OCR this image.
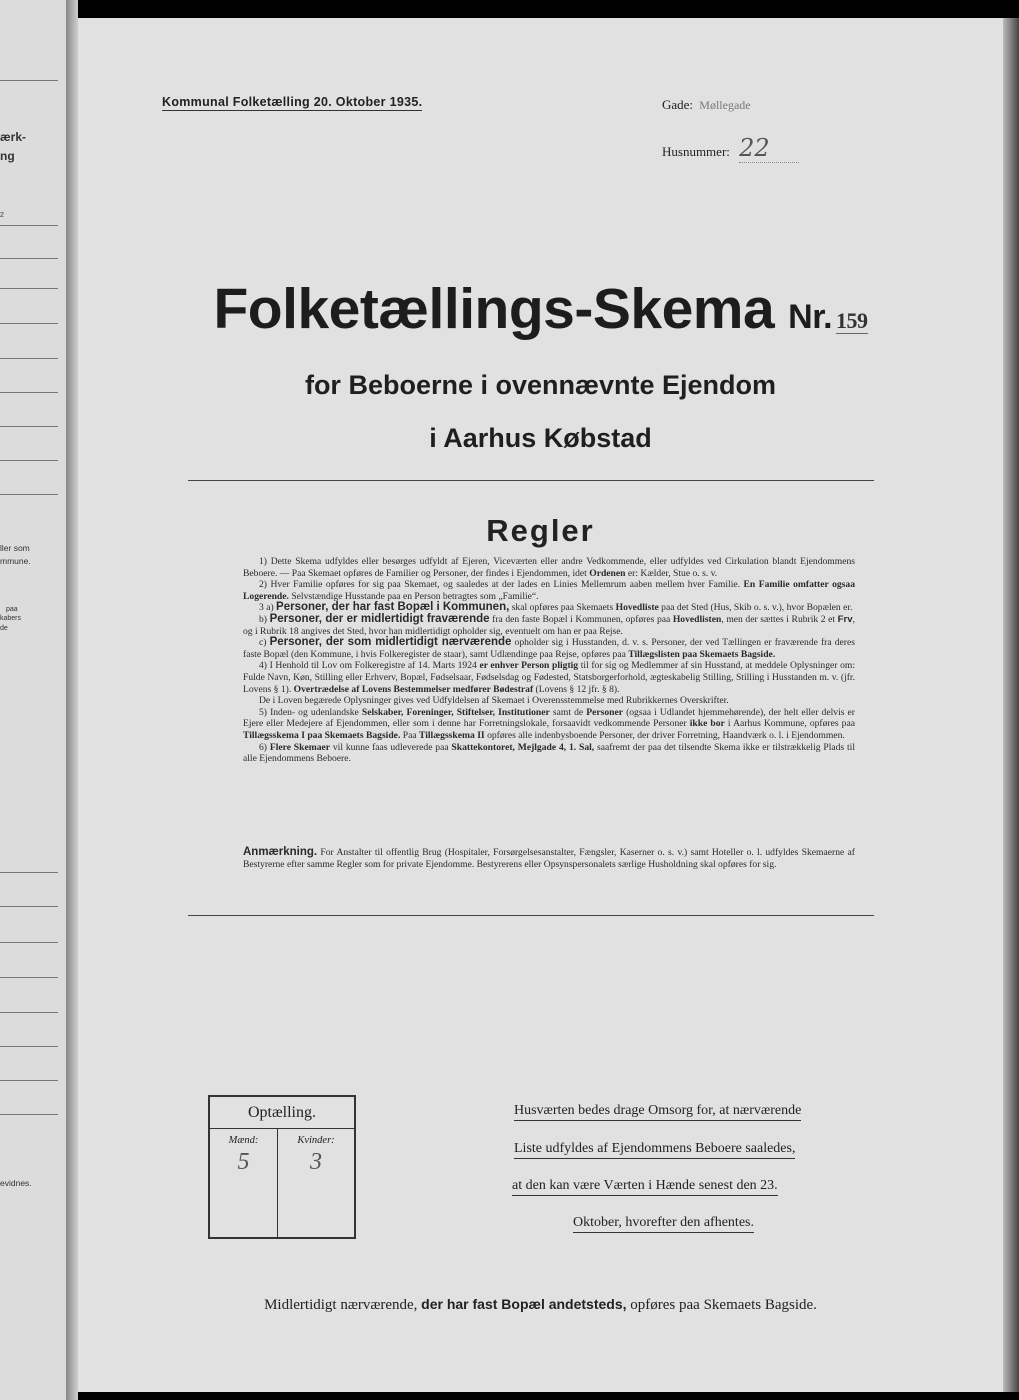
ærk-
ng
2
ller som
mmune.
paa
kabers
de
evidnes.
Kommunal Folketælling 20. Oktober 1935.	Gade: Møllegade
Husnummer: 22
Folketællings-Skema Nr. 159
for Beboerne i ovennævnte Ejendom
i Aarhus Købstad
Regler

1) Dette Skema udfyldes eller besørges udfyldt af Ejeren, Viceværten eller andre Vedkommende, eller udfyldes ved Cirkulation blandt Ejendommens Beboere. — Paa Skemaet opføres de Familier og Personer, der findes i Ejendommen, idet Ordenen er: Kælder, Stue o. s. v.

2) Hver Familie opføres for sig paa Skemaet, og saaledes at der lades en Linies Mellemrum aaben mellem hver Familie. En Familie omfatter ogsaa Logerende. Selvstændige Husstande paa en Person betragtes som „Familie“.

3 a) Personer, der har fast Bopæl i Kommunen, skal opføres paa Skemaets Hovedliste paa det Sted (Hus, Skib o. s. v.), hvor Bopælen er.

b) Personer, der er midlertidigt fraværende fra den faste Bopæl i Kommunen, opføres paa Hovedlisten, men der sættes i Rubrik 2 et Frv, og i Rubrik 18 angives det Sted, hvor han midlertidigt opholder sig, eventuelt om han er paa Rejse.

c) Personer, der som midlertidigt nærværende opholder sig i Husstanden, d. v. s. Personer, der ved Tællingen er fraværende fra deres faste Bopæl (den Kommune, i hvis Folkeregister de staar), samt Udlændinge paa Rejse, opføres paa Tillægslisten paa Skemaets Bagside.

4) I Henhold til Lov om Folkeregistre af 14. Marts 1924 er enhver Person pligtig til for sig og Medlemmer af sin Husstand, at meddele Oplysninger om: Fulde Navn, Køn, Stilling eller Erhverv, Bopæl, Fødselsaar, Fødselsdag og Fødested, Statsborgerforhold, ægteskabelig Stilling, Stilling i Husstanden m. v. (jfr. Lovens § 1). Overtrædelse af Lovens Bestemmelser medfører Bødestraf (Lovens § 12 jfr. § 8).

De i Loven begærede Oplysninger gives ved Udfyldelsen af Skemaet i Overensstemmelse med Rubrikkernes Overskrifter.

5) Inden- og udenlandske Selskaber, Foreninger, Stiftelser, Institutioner samt de Personer (ogsaa i Udlandet hjemmehørende), der helt eller delvis er Ejere eller Medejere af Ejendommen, eller som i denne har Forretningslokale, forsaavidt vedkommende Personer ikke bor i Aarhus Kommune, opføres paa Tillægsskema I paa Skemaets Bagside. Paa Tillægsskema II opføres alle indenbysboende Personer, der driver Forretning, Haandværk o. l. i Ejendommen.

6) Flere Skemaer vil kunne faas udleverede paa Skattekontoret, Mejlgade 4, 1. Sal, saafremt der paa det tilsendte Skema ikke er tilstrækkelig Plads til alle Ejendommens Beboere.

Anmærkning. For Anstalter til offentlig Brug (Hospitaler, Forsørgelsesanstalter, Fængsler, Kaserner o. s. v.) samt Hoteller o. l. udfyldes Skemaerne af Bestyrerne efter samme Regler som for private Ejendomme. Bestyrerens eller Opsynspersonalets særlige Husholdning skal opføres for sig.
Optælling.
Mænd:	Kvinder:
5	3
Husværten bedes drage Omsorg for, at nærværende
Liste udfyldes af Ejendommens Beboere saaledes,
at den kan være Værten i Hænde senest den 23.
Oktober, hvorefter den afhentes.
Midlertidigt nærværende, der har fast Bopæl andetsteds, opføres paa Skemaets Bagside.
